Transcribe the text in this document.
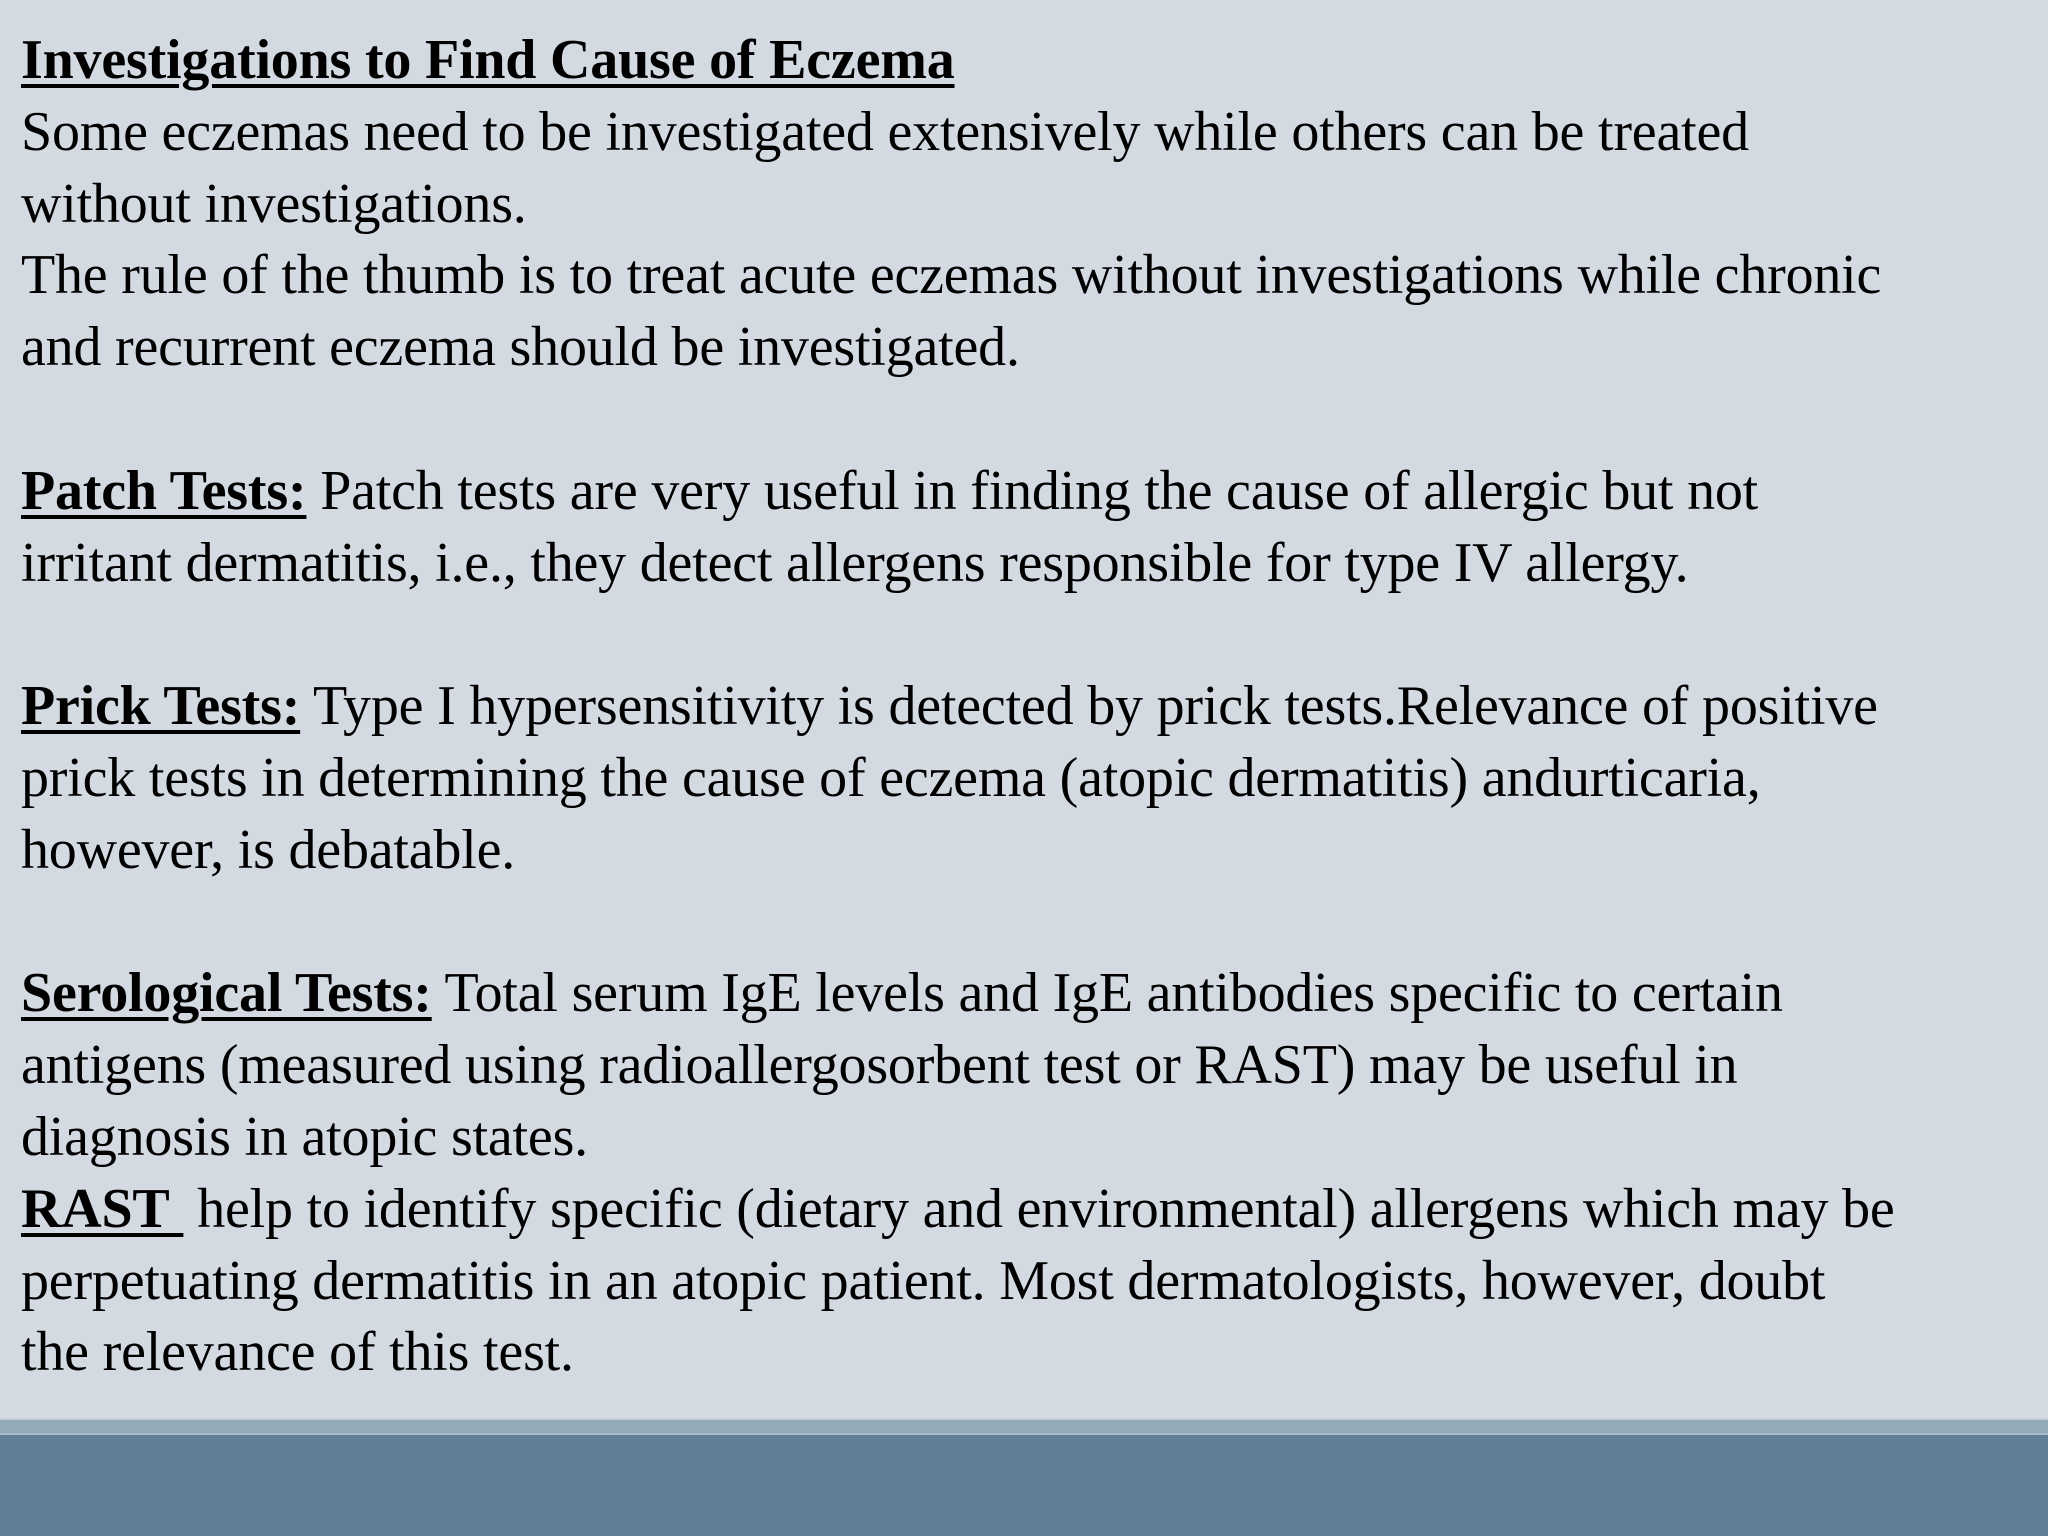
Investigations to Find Cause of Eczema
Some eczemas need to be investigated extensively while others can be treated
without investigations.
The rule of the thumb is to treat acute eczemas without investigations while chronic
and recurrent eczema should be investigated.
Patch Tests: Patch tests are very useful in finding the cause of allergic but not
irritant dermatitis, i.e., they detect allergens responsible for type IV allergy.
Prick Tests: Type I hypersensitivity is detected by prick tests.Relevance of positive
prick tests in determining the cause of eczema (atopic dermatitis) andurticaria,
however, is debatable.
Serological Tests: Total serum IgE levels and IgE antibodies specific to certain
antigens (measured using radioallergosorbent test or RAST) may be useful in
diagnosis in atopic states.
RAST  help to identify specific (dietary and environmental) allergens which may be
perpetuating dermatitis in an atopic patient. Most dermatologists, however, doubt
the relevance of this test.
